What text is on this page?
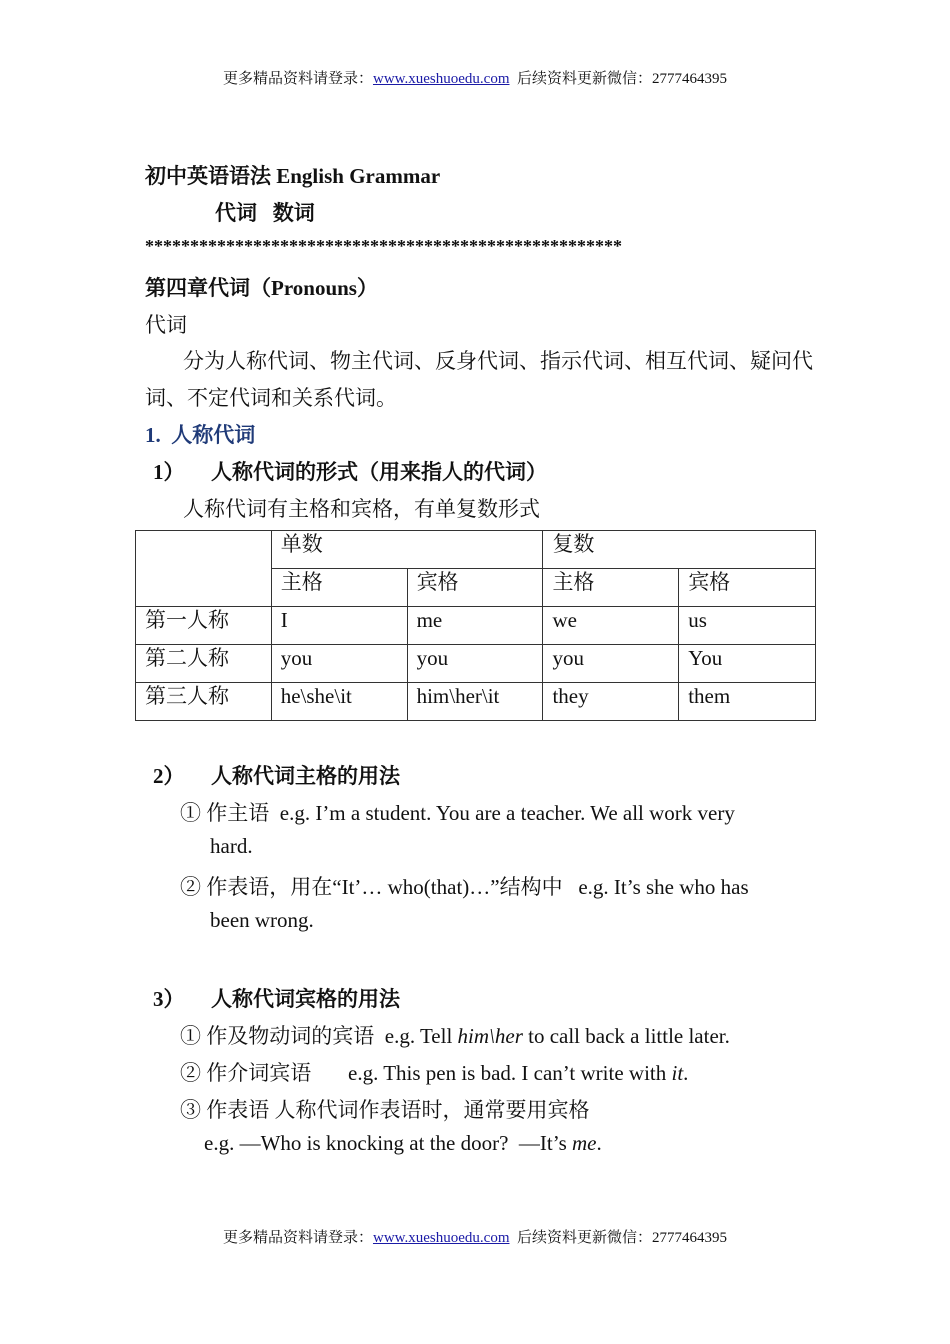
更多精品资料请登录：www.xueshuoedu.com 后续资料更新微信：2777464395
初中英语语法 English Grammar
代词   数词
*****************************************************
第四章代词（Pronouns）
代词
分为人称代词、物主代词、反身代词、指示代词、相互代词、疑问代
词、不定代词和关系代词。
1.  人称代词
1） 人称代词的形式（用来指人的代词）
人称代词有主格和宾格，有单复数形式
	单数		复数	
	主格	宾格	主格	宾格
第一人称	I	me	we	us
第二人称	you	you	you	You
第三人称	he\she\it	him\her\it	they	them
2） 人称代词主格的用法
① 作主语  e.g. I’m a student. You are a teacher. We all work very
hard.
② 作表语，用在“It’… who(that)…”结构中   e.g. It’s she who has
been wrong.
3） 人称代词宾格的用法
① 作及物动词的宾语  e.g. Tell him\her to call back a little later.
② 作介词宾语       e.g. This pen is bad. I can’t write with it.
③ 作表语 人称代词作表语时，通常要用宾格
e.g. —Who is knocking at the door?  —It’s me.
更多精品资料请登录：www.xueshuoedu.com 后续资料更新微信：2777464395
